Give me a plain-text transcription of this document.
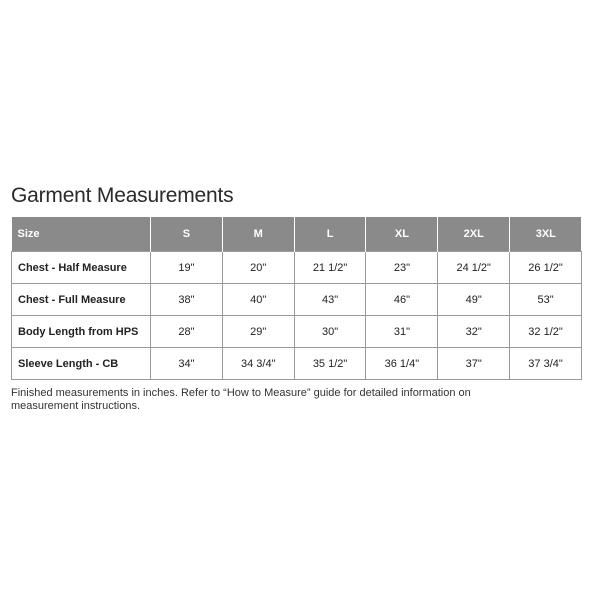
Garment Measurements
Size	S	M	L	XL	2XL	3XL
Chest - Half Measure	19"	20"	21 1/2"	23"	24 1/2"	26 1/2"
Chest - Full Measure	38"	40"	43"	46"	49"	53"
Body Length from HPS	28"	29"	30"	31"	32"	32 1/2"
Sleeve Length - CB	34"	34 3/4"	35 1/2"	36 1/4"	37"	37 3/4"

Finished measurements in inches. Refer to “How to Measure” guide for detailed information on measurement instructions.
